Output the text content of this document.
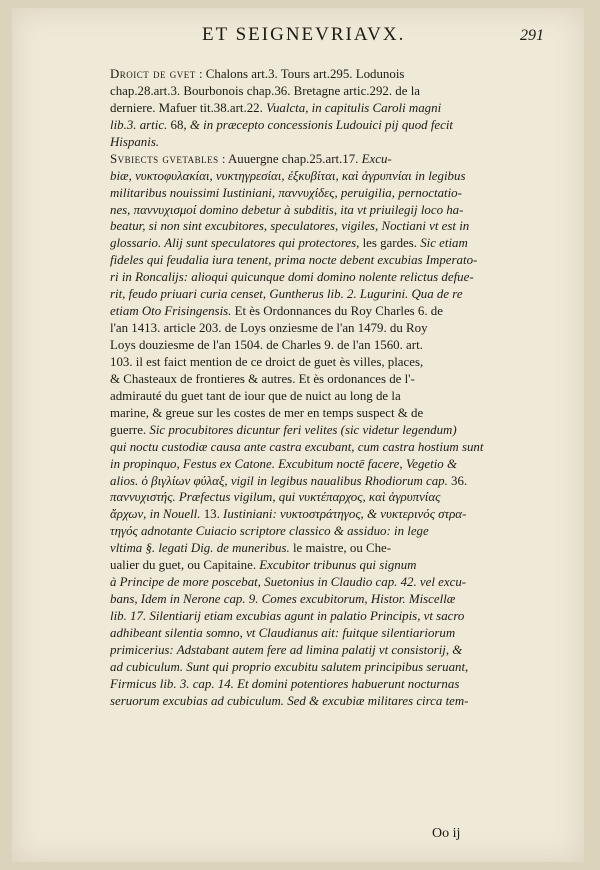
ET SEIGNEVRIAVX.	291
Droict de gvet : Chalons art.3. Tours art.295. Lodunois
chap.28.art.3. Bourbonois chap.36. Bretagne artic.292. de la
derniere. Mafuer tit.38.art.22. Vualcta, in capitulis Caroli magni
lib.3. artic. 68, & in præcepto concessionis Ludouici pij quod fecit
Hispanis.
Svbiects gvetables : Auuergne chap.25.art.17. Excu-
biæ, νυκτοφυλακίαι, νυκτηγρεσίαι, ἐξκυβίται, καὶ ἀγρυπνίαι in legibus
militaribus nouissimi Iustiniani, παννυχίδες, peruigilia, pernoctatio-
nes, παννυχισμοί domino debetur à subditis, ita vt priuilegij loco ha-
beatur, si non sint excubitores, speculatores, vigiles, Noctiani vt est in
glossario. Alij sunt speculatores qui protectores, les gardes. Sic etiam
fideles qui feudalia iura tenent, prima nocte debent excubias Imperato-
ri in Roncalijs: alioqui quicunque domi domino nolente relictus defue-
rit, feudo priuari curia censet, Guntherus lib. 2. Lugurini. Qua de re
etiam Oto Frisingensis. Et ès Ordonnances du Roy Charles 6. de
l'an 1413. article 203. de Loys onziesme de l'an 1479. du Roy
Loys douziesme de l'an 1504. de Charles 9. de l'an 1560. art.
103. il est faict mention de ce droict de guet ès villes, places,
& Chasteaux de frontieres & autres. Et ès ordonances de l'-
admirauté du guet tant de iour que de nuict au long de la
marine, & greue sur les costes de mer en temps suspect & de
guerre. Sic procubitores dicuntur feri velites (sic videtur legendum)
qui noctu custodiæ causa ante castra excubant, cum castra hostium sunt
in propinquo, Festus ex Catone. Excubitum noctē facere, Vegetio &
alios. ὁ βιγλίων φύλαξ, vigil in legibus naualibus Rhodiorum cap. 36.
παννυχιστής. Præfectus vigilum, qui νυκτέπαρχος, καὶ ἀγρυπνίας
ἄρχων, in Nouell. 13. Iustiniani: νυκτοστράτηγος, & νυκτερινός στρα-
τηγός adnotante Cuiacio scriptore classico & assiduo: in lege
vltima §. legati Dig. de muneribus. le maistre, ou Che-
ualier du guet, ou Capitaine. Excubitor tribunus qui signum
à Principe de more poscebat, Suetonius in Claudio cap. 42. vel excu-
bans, Idem in Nerone cap. 9. Comes excubitorum, Histor. Miscellæ
lib. 17. Silentiarij etiam excubias agunt in palatio Principis, vt sacro
adhibeant silentia somno, vt Claudianus ait: fuitque silentiariorum
primicerius: Adstabant autem fere ad limina palatij vt consistorij, &
ad cubiculum. Sunt qui proprio excubitu salutem principibus seruant,
Firmicus lib. 3. cap. 14. Et domini potentiores habuerunt nocturnas
seruorum excubias ad cubiculum. Sed & excubiæ militares circa tem-
Oo ij
